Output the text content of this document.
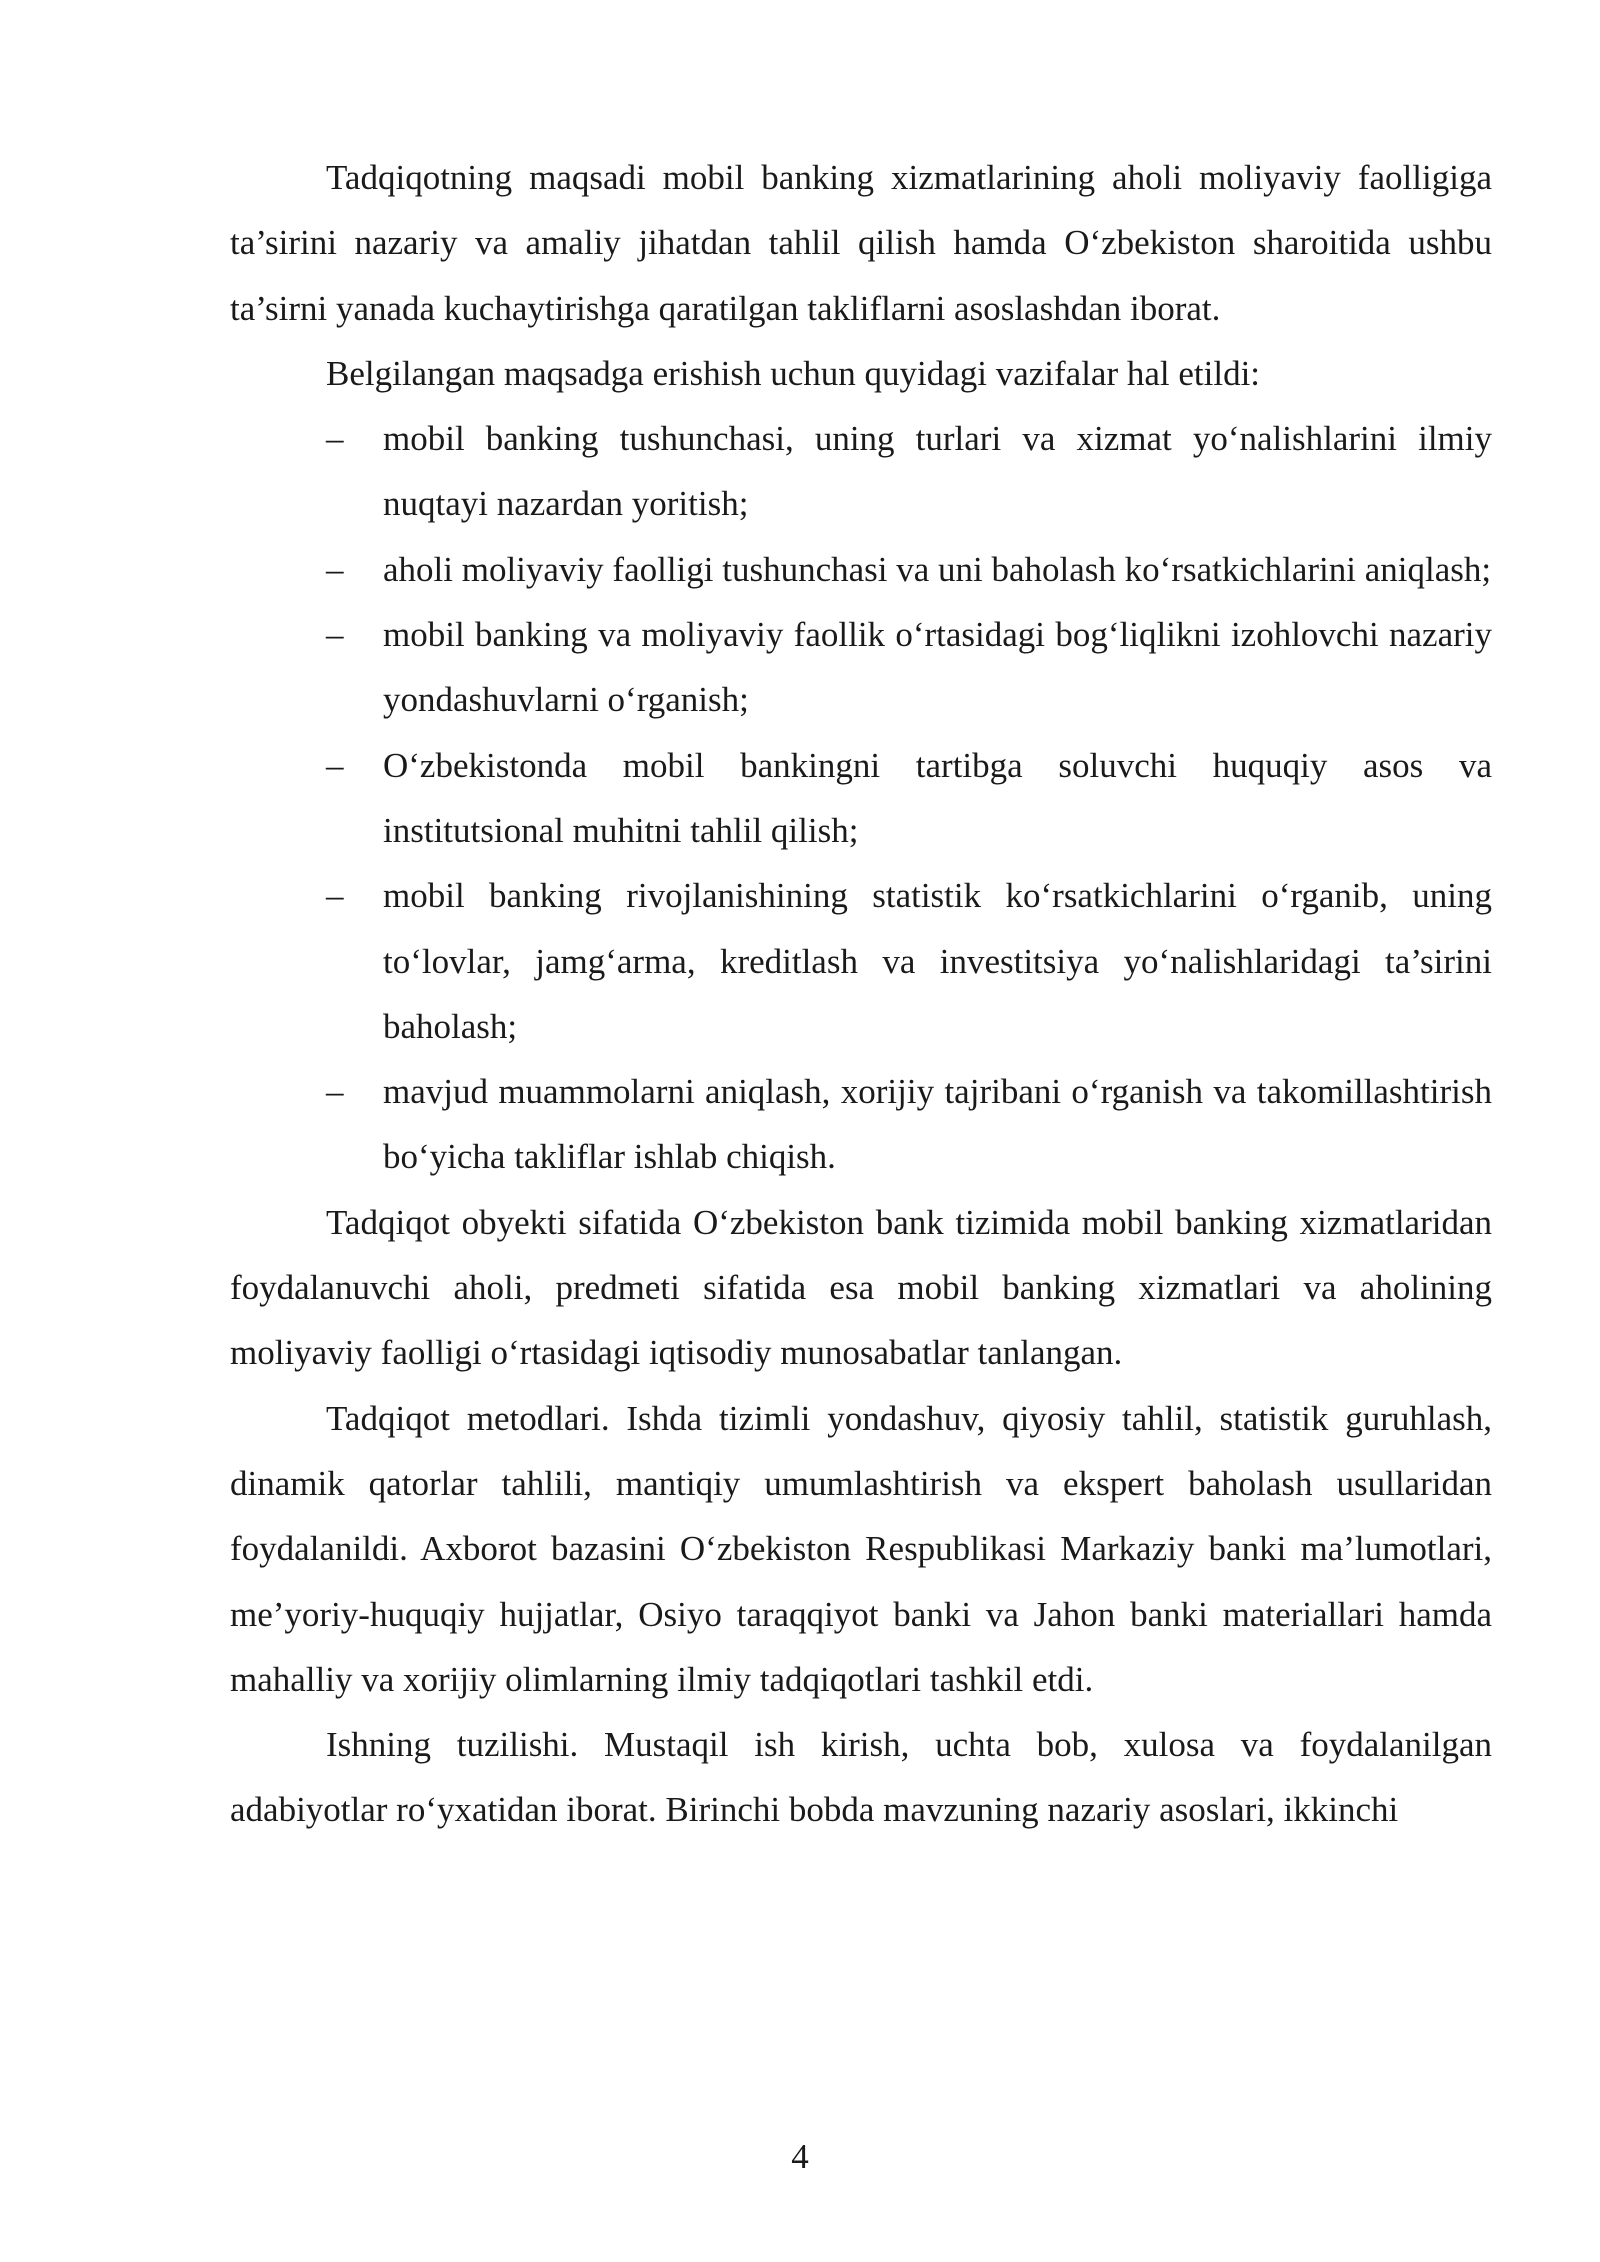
Tadqiqotning maqsadi mobil banking xizmatlarining aholi moliyaviy faolligiga ta’sirini nazariy va amaliy jihatdan tahlil qilish hamda O‘zbekiston sharoitida ushbu ta’sirni yanada kuchaytirishga qaratilgan takliflarni asoslashdan iborat.

Belgilangan maqsadga erishish uchun quyidagi vazifalar hal etildi:

– mobil banking tushunchasi, uning turlari va xizmat yo‘nalishlarini ilmiy nuqtayi nazardan yoritish;
– aholi moliyaviy faolligi tushunchasi va uni baholash ko‘rsatkichlarini aniqlash;
– mobil banking va moliyaviy faollik o‘rtasidagi bog‘liqlikni izohlovchi nazariy yondashuvlarni o‘rganish;
– O‘zbekistonda mobil bankingni tartibga soluvchi huquqiy asos va institutsional muhitni tahlil qilish;
– mobil banking rivojlanishining statistik ko‘rsatkichlarini o‘rganib, uning to‘lovlar, jamg‘arma, kreditlash va investitsiya yo‘nalishlaridagi ta’sirini baholash;
– mavjud muammolarni aniqlash, xorijiy tajribani o‘rganish va takomillashtirish bo‘yicha takliflar ishlab chiqish.

Tadqiqot obyekti sifatida O‘zbekiston bank tizimida mobil banking xizmatlaridan foydalanuvchi aholi, predmeti sifatida esa mobil banking xizmatlari va aholining moliyaviy faolligi o‘rtasidagi iqtisodiy munosabatlar tanlangan.

Tadqiqot metodlari. Ishda tizimli yondashuv, qiyosiy tahlil, statistik guruhlash, dinamik qatorlar tahlili, mantiqiy umumlashtirish va ekspert baholash usullaridan foydalanildi. Axborot bazasini O‘zbekiston Respublikasi Markaziy banki ma’lumotlari, me’yoriy-huquqiy hujjatlar, Osiyo taraqqiyot banki va Jahon banki materiallari hamda mahalliy va xorijiy olimlarning ilmiy tadqiqotlari tashkil etdi.

Ishning tuzilishi. Mustaqil ish kirish, uchta bob, xulosa va foydalanilgan adabiyotlar ro‘yxatidan iborat. Birinchi bobda mavzuning nazariy asoslari, ikkinchi

4
